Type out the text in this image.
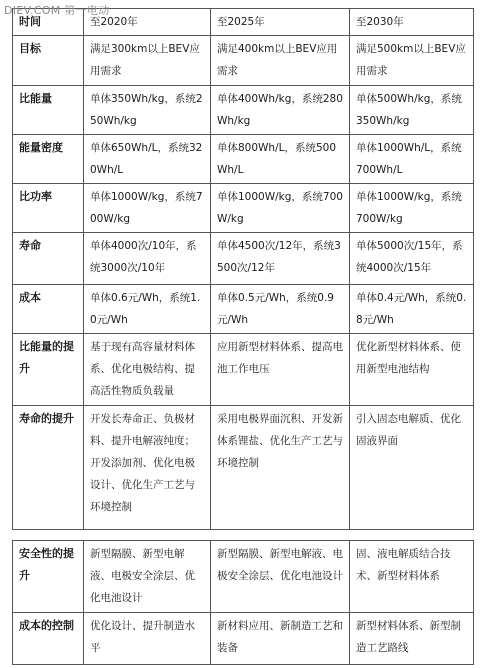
DIEV.COM 第一电动
时间	至2020年	至2025年	至2030年
目标	满足300km以上BEV应用需求	满足400km以上BEV应用需求	满足500km以上BEV应用需求
比能量	单体350Wh/kg，系统250Wh/kg	单体400Wh/kg，系统280Wh/kg	单体500Wh/kg，系统350Wh/kg
能量密度	单体650Wh/L，系统320Wh/L	单体800Wh/L，系统500Wh/L	单体1000Wh/L，系统700Wh/L
比功率	单体1000W/kg，系统700W/kg	单体1000W/kg，系统700W/kg	单体1000W/kg，系统700W/kg
寿命	单体4000次/10年，系统3000次/10年	单体4500次/12年，系统3500次/12年	单体5000次/15年，系统4000次/15年
成本	单体0.6元/Wh，系统1.0元/Wh	单体0.5元/Wh，系统0.9元/Wh	单体0.4元/Wh，系统0.8元/Wh
比能量的提升	基于现有高容量材料体系、优化电极结构、提高活性物质负载量	应用新型材料体系、提高电池工作电压	优化新型材料体系、使用新型电池结构
寿命的提升	开发长寿命正、负极材料、提升电解液纯度；开发添加剂、优化电极设计、优化生产工艺与环境控制	采用电极界面沉积、开发新体系锂盐、优化生产工艺与环境控制	引入固态电解质、优化固液界面

安全性的提升	新型隔膜、新型电解液、电极安全涂层、优化电池设计	新型隔膜、新型电解液、电极安全涂层、优化电池设计	固、液电解质结合技术、新型材料体系
成本的控制	优化设计、提升制造水平	新材料应用、新制造工艺和装备	新型材料体系、新型制造工艺路线
